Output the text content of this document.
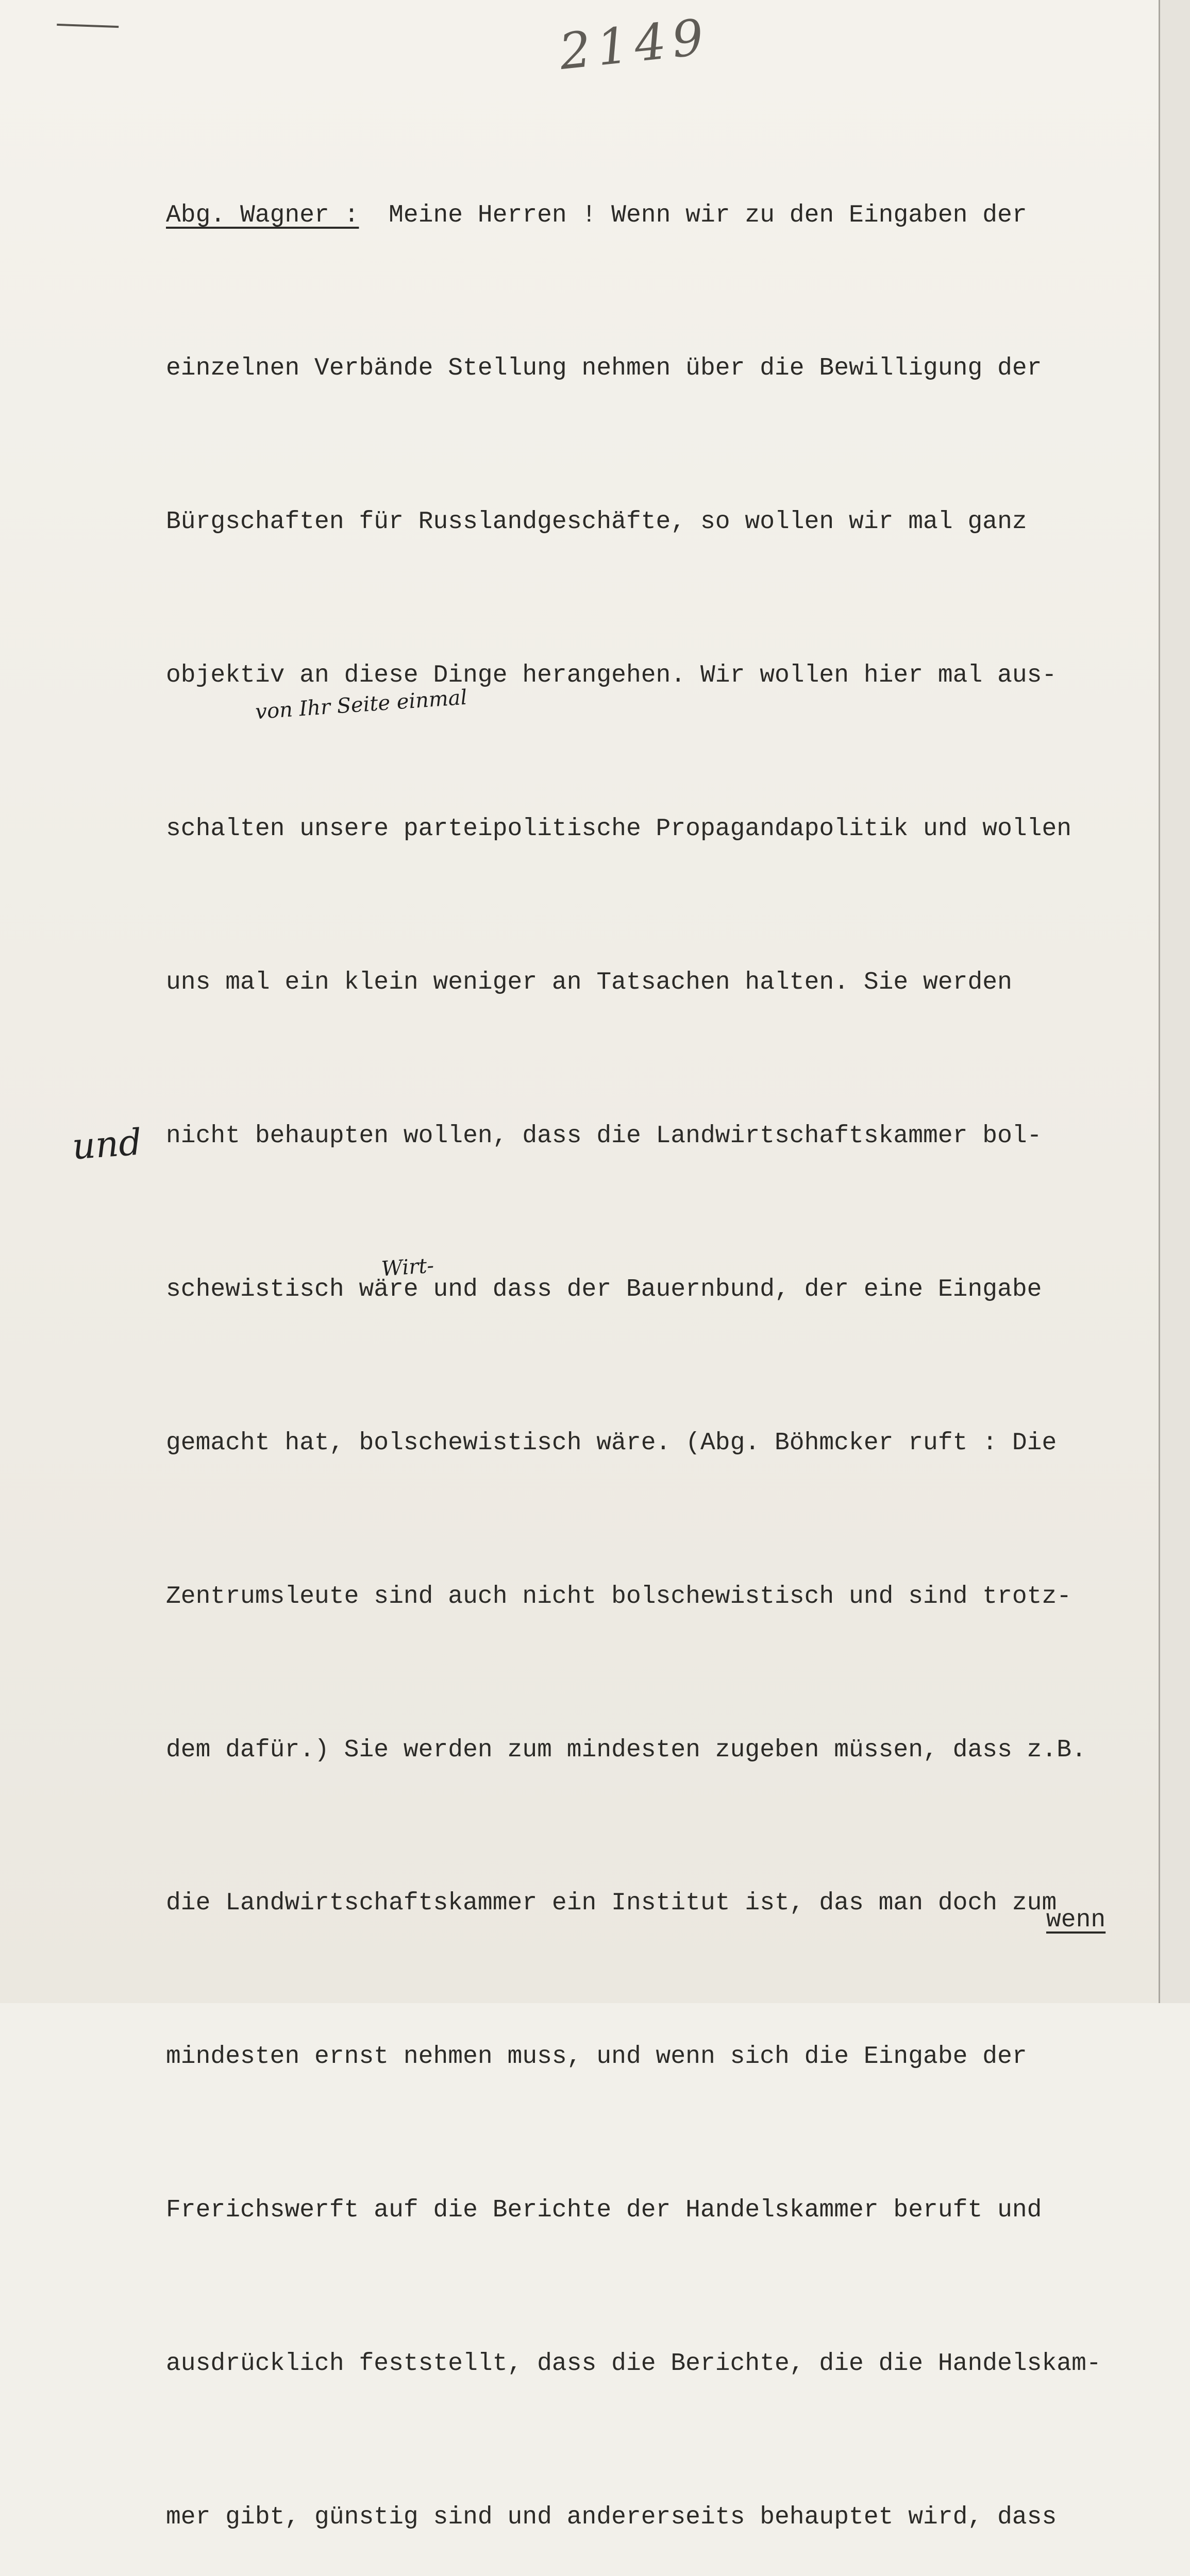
2149
und
von Ihr Seite einmal
Wirt-

Abg. Wagner : Meine Herren ! Wenn wir zu den Eingaben der

einzelnen Verbände Stellung nehmen über die Bewilligung der

Bürgschaften für Russlandgeschäfte, so wollen wir mal ganz

objektiv an diese Dinge herangehen. Wir wollen hier mal aus-

schalten unsere parteipolitische Propagandapolitik und wollen

uns mal ein klein weniger an Tatsachen halten. Sie werden

nicht behaupten wollen, dass die Landwirtschaftskammer bol-

schewistisch wäre und dass der Bauernbund, der eine Eingabe

gemacht hat, bolschewistisch wäre. (Abg. Böhmcker ruft : Die

Zentrumsleute sind auch nicht bolschewistisch und sind trotz-

dem dafür.) Sie werden zum mindesten zugeben müssen, dass z.B.

die Landwirtschaftskammer ein Institut ist, das man doch zum

mindesten ernst nehmen muss, und wenn sich die Eingabe der

Frerichswerft auf die Berichte der Handelskammer beruft und

ausdrücklich feststellt, dass die Berichte, die die Handelskam-

mer gibt, günstig sind und andererseits behauptet wird, dass

wenn
